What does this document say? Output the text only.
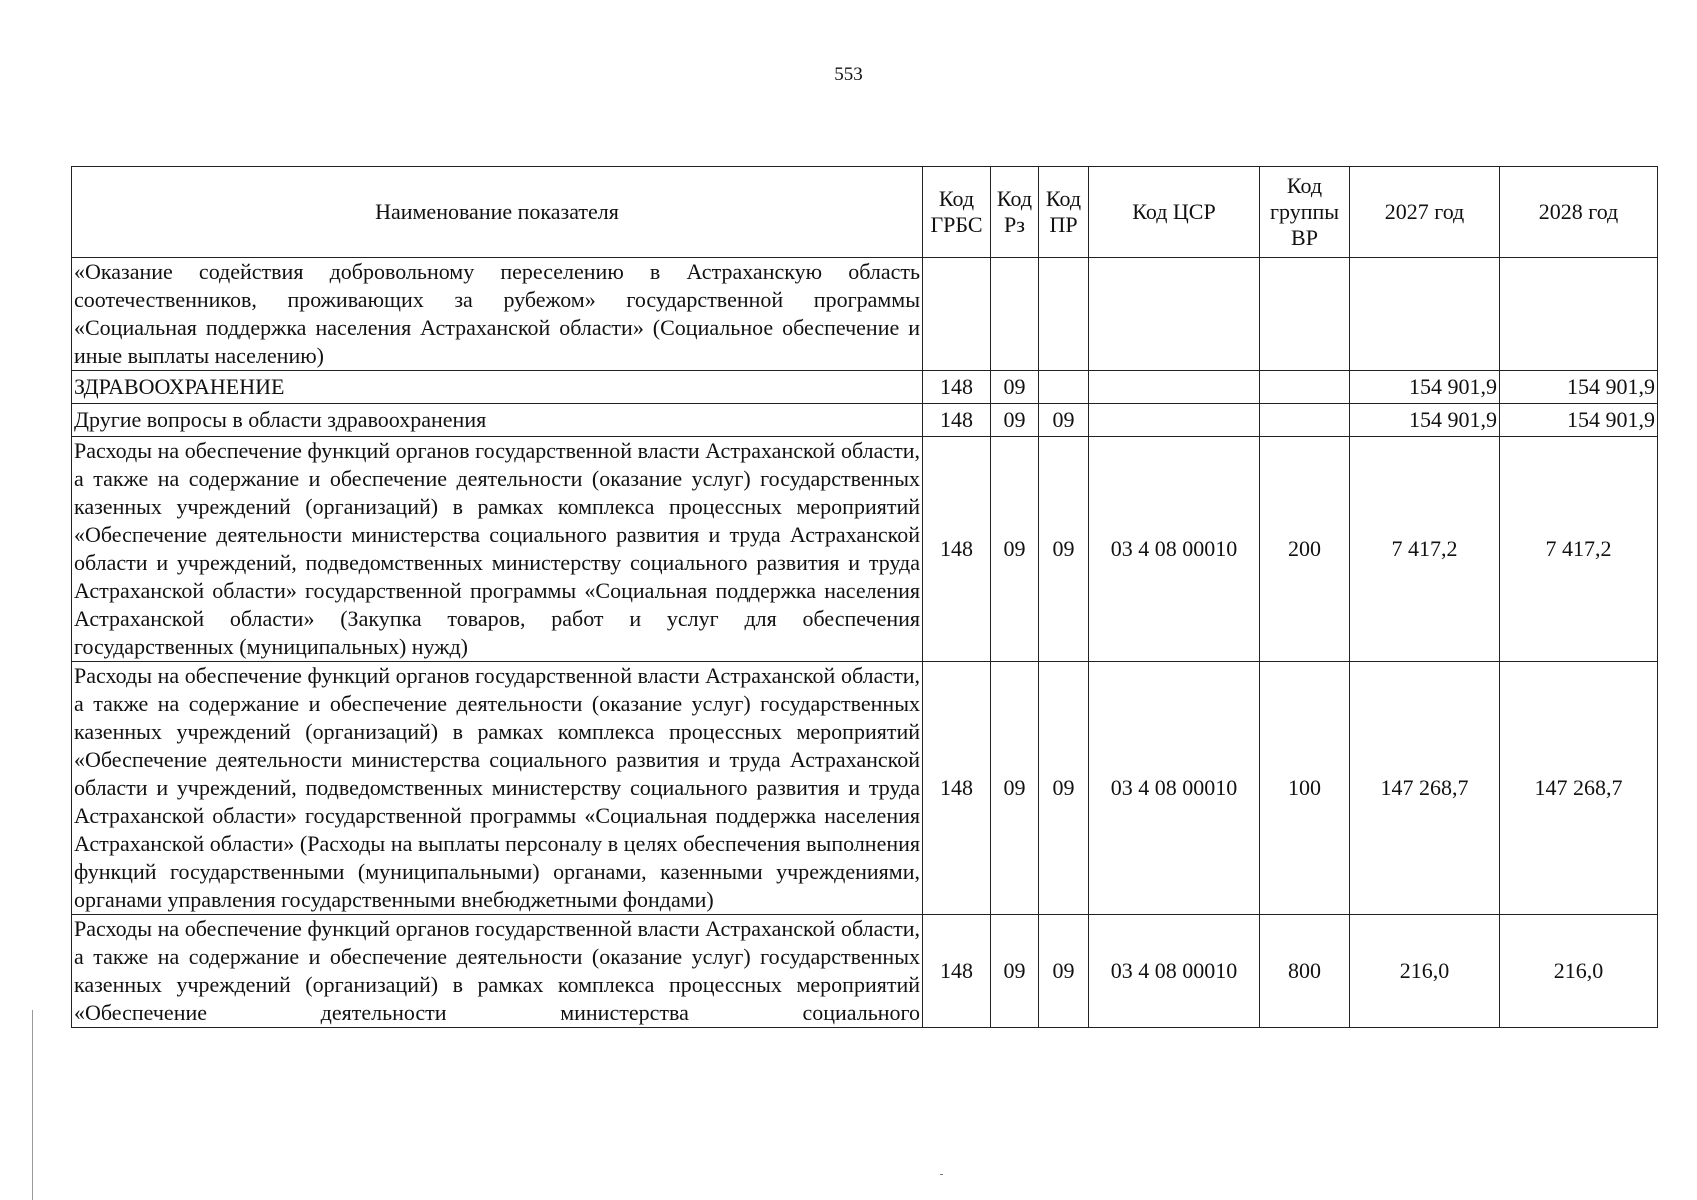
553
Наименование показателя	Код ГРБС	Код Рз	Код ПР	Код ЦСР	Код группы ВР	2027 год	2028 год
«Оказание содействия добровольному переселению в Астраханскую область соотечественников, проживающих за рубежом» государственной программы «Социальная поддержка населения Астраханской области» (Социальное обеспечение и иные выплаты населению)							
ЗДРАВООХРАНЕНИЕ	148	09				154 901,9	154 901,9
Другие вопросы в области здравоохранения	148	09	09			154 901,9	154 901,9
Расходы на обеспечение функций органов государственной власти Астраханской области, а также на содержание и обеспечение деятельности (оказание услуг) государственных казенных учреждений (организаций) в рамках комплекса процессных мероприятий «Обеспечение деятельности министерства социального развития и труда Астраханской области и учреждений, подведомственных министерству социального развития и труда Астраханской области» государственной программы «Социальная поддержка населения Астраханской области» (Закупка товаров, работ и услуг для обеспечения государственных (муниципальных) нужд)	148	09	09	03 4 08 00010	200	7 417,2	7 417,2
Расходы на обеспечение функций органов государственной власти Астраханской области, а также на содержание и обеспечение деятельности (оказание услуг) государственных казенных учреждений (организаций) в рамках комплекса процессных мероприятий «Обеспечение деятельности министерства социального развития и труда Астраханской области и учреждений, подведомственных министерству социального развития и труда Астраханской области» государственной программы «Социальная поддержка населения Астраханской области» (Расходы на выплаты персоналу в целях обеспечения выполнения функций государственными (муниципальными) органами, казенными учреждениями, органами управления государственными внебюджетными фондами)	148	09	09	03 4 08 00010	100	147 268,7	147 268,7
Расходы на обеспечение функций органов государственной власти Астраханской области, а также на содержание и обеспечение деятельности (оказание услуг) государственных казенных учреждений (организаций) в рамках комплекса процессных мероприятий «Обеспечение деятельности министерства социального	148	09	09	03 4 08 00010	800	216,0	216,0
